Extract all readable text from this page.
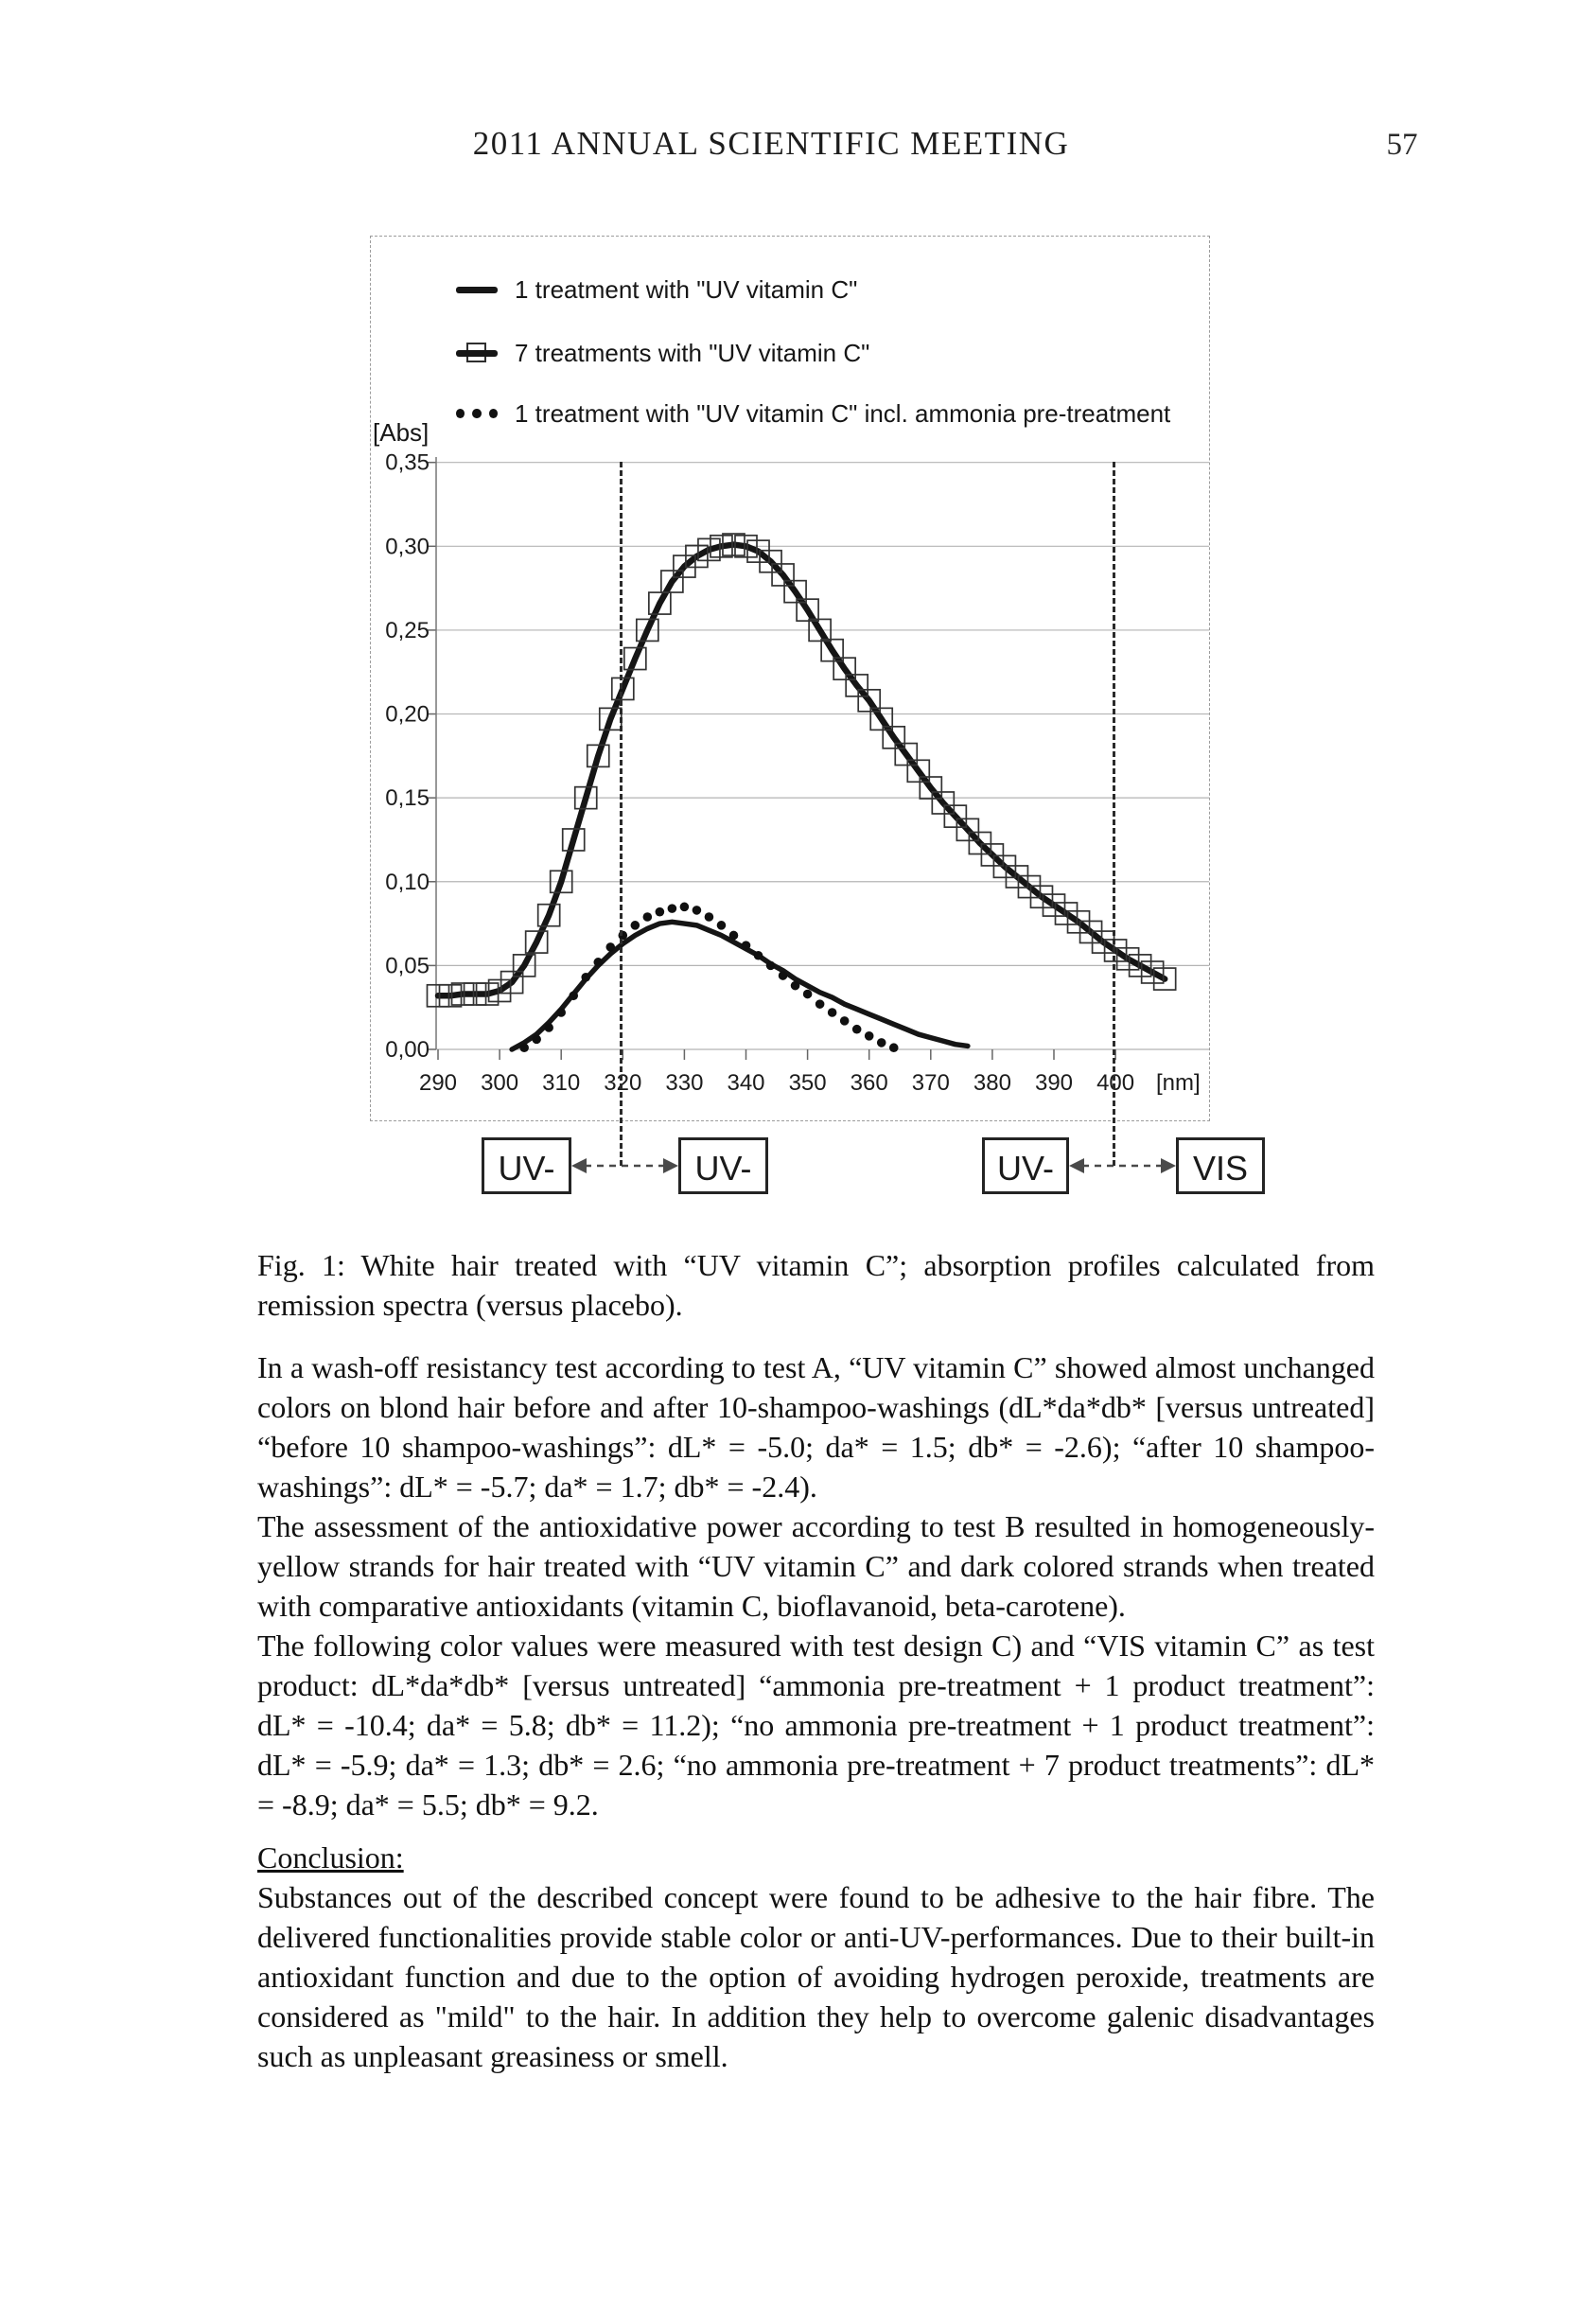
2011 ANNUAL SCIENTIFIC MEETING	57
1 treatment with "UV vitamin C"
7 treatments with "UV vitamin C"
1 treatment with "UV vitamin C" incl. ammonia pre-treatment
[Abs]
0,35
0,30
0,25
0,20
0,15
0,10
0,05
0,00
290 300 310 320 330 340 350 360 370 380 390 400 [nm]
UV-	UV-	UV-	VIS

Fig. 1: White hair treated with “UV vitamin C”; absorption profiles calculated from remission spectra (versus placebo).

In a wash-off resistancy test according to test A, “UV vitamin C” showed almost unchanged colors on blond hair before and after 10-shampoo-washings (dL*da*db* [versus untreated] “before 10 shampoo-washings”: dL* = -5.0; da* = 1.5; db* = -2.6); “after 10 shampoo-washings”: dL* = -5.7; da* = 1.7; db* = -2.4).

The assessment of the antioxidative power according to test B resulted in homogeneously-yellow strands for hair treated with “UV vitamin C” and dark colored strands when treated with comparative antioxidants (vitamin C, bioflavanoid, beta-carotene).

The following color values were measured with test design C) and “VIS vitamin C” as test product: dL*da*db* [versus untreated] “ammonia pre-treatment + 1 product treatment”: dL* = -10.4; da* = 5.8; db* = 11.2); “no ammonia pre-treatment + 1 product treatment”: dL* = -5.9; da* = 1.3; db* = 2.6; “no ammonia pre-treatment + 7 product treatments”: dL* = -8.9; da* = 5.5; db* = 9.2.

Conclusion:

Substances out of the described concept were found to be adhesive to the hair fibre. The delivered functionalities provide stable color or anti-UV-performances. Due to their built-in antioxidant function and due to the option of avoiding hydrogen peroxide, treatments are considered as "mild" to the hair. In addition they help to overcome galenic disadvantages such as unpleasant greasiness or smell.
